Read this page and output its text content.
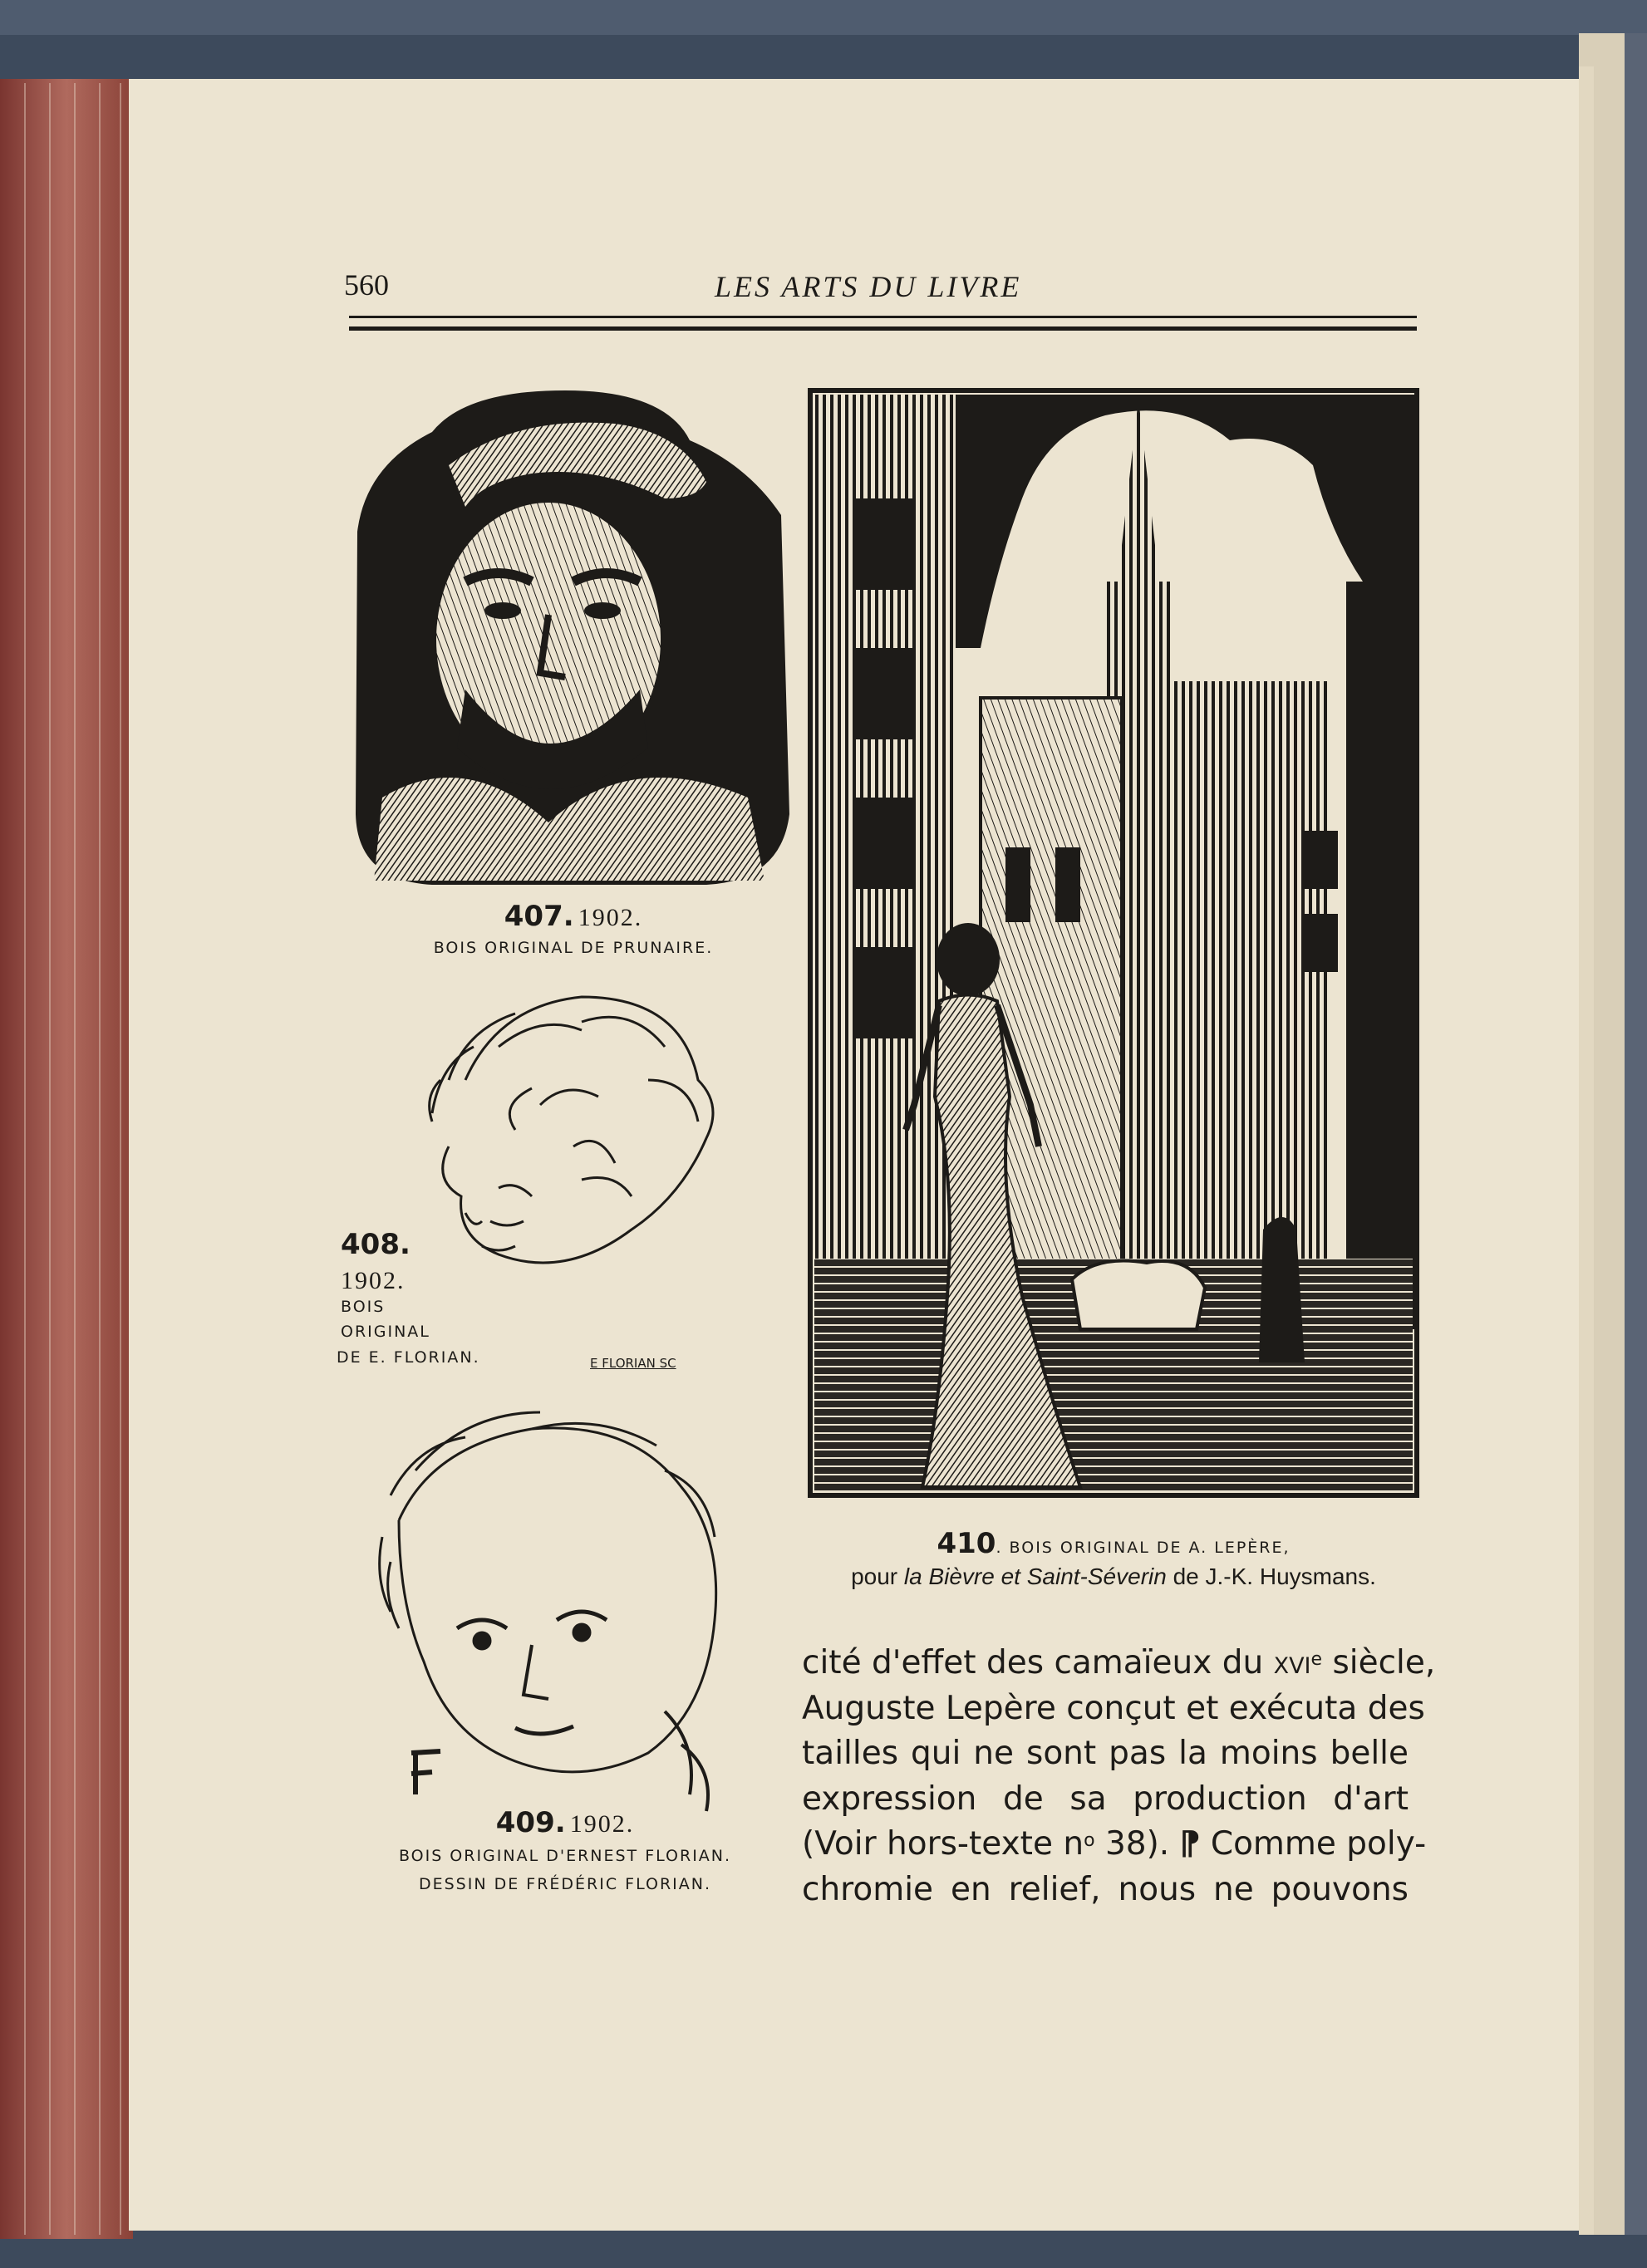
560	LES ARTS DU LIVRE
407. 1902.
BOIS ORIGINAL DE PRUNAIRE.
408.
1902.
BOIS
ORIGINAL
DE E. FLORIAN.	E FLORIAN SC
409. 1902.
BOIS ORIGINAL D'ERNEST FLORIAN.
DESSIN DE FRÉDÉRIC FLORIAN.
410. BOIS ORIGINAL DE A. LEPÈRE,
pour la Bièvre et Saint-Séverin de J.-K. Huysmans.
cité d'effet des camaïeux du xvi$^e$ siècle,
Auguste Lepère conçut et exécuta des
tailles qui ne sont pas la moins belle
expression de sa production d'art
(Voir hors-texte $n^o$ 38). ⁋ Comme poly-
chromie en relief, nous ne pouvons
